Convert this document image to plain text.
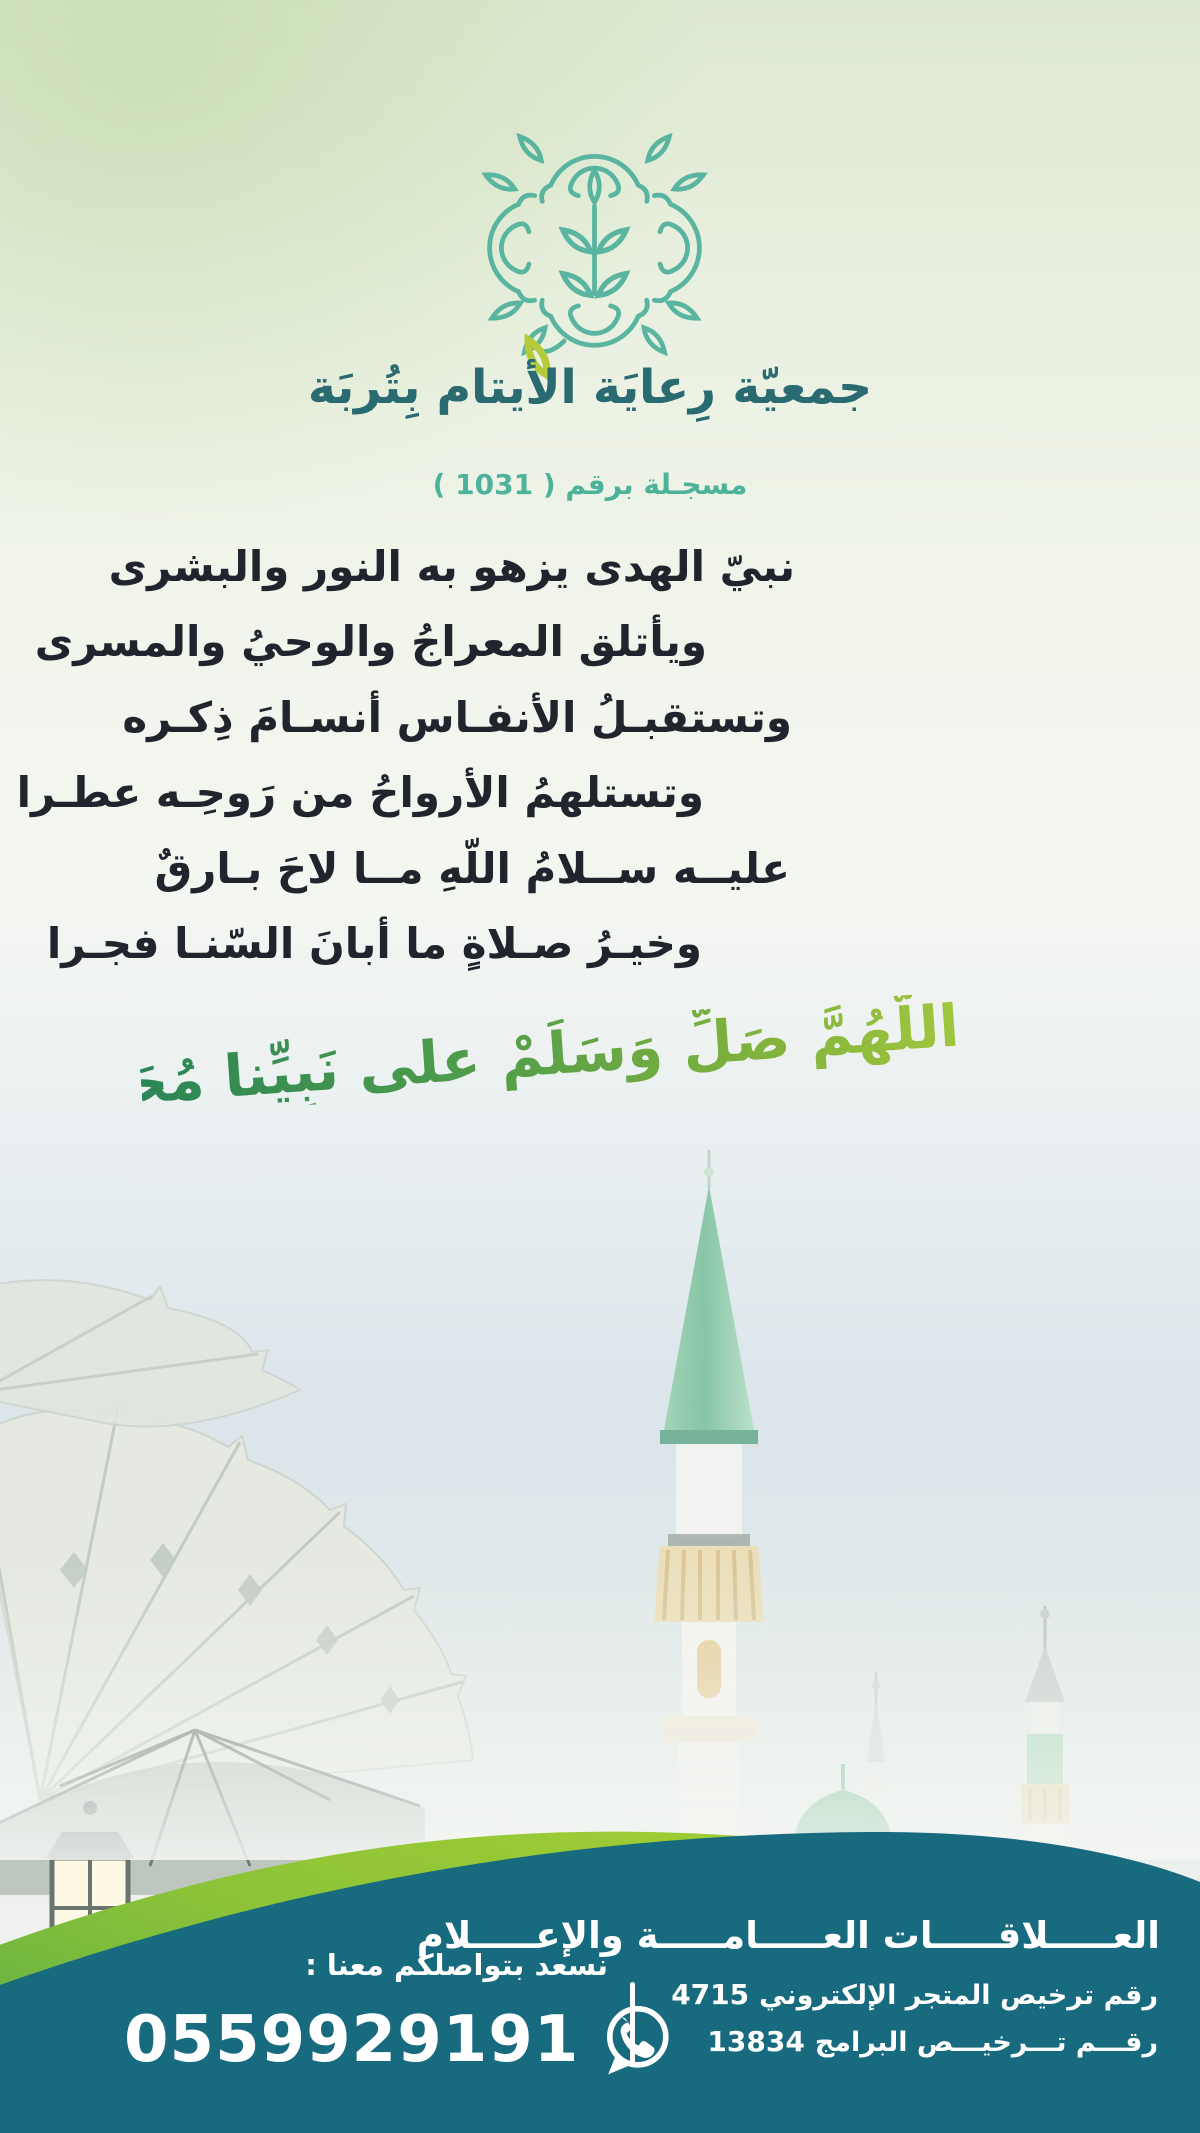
جمعيّة رِعايَة الأيتام بِتُربَة
مسجـلة برقم ( 1031 )
نبيّ الهدى يزهو به النور والبشرى
ويأتلق المعراجُ والوحيُ والمسرى
وتستقبـلُ الأنفـاس أنسـامَ ذِكـره
وتستلهمُ الأرواحُ من رَوحِـه عطـرا
عليــه ســلامُ اللّهِ مــا لاحَ بـارقٌ
وخيـرُ صـلاةٍ ما أبانَ السّنـا فجـرا
اللّهُمَّ صَلِّ وَسَلِّمْ على نَبِيِّنا مُحَمَّد
العـــــلاقـــــات العـــــامـــــة والإعـــــلام
نسعد بتواصلكم معنا :
0559929191
رقم ترخيص المتجر الإلكتروني4715
رقـــم تـــرخيـــص البرامج13834
